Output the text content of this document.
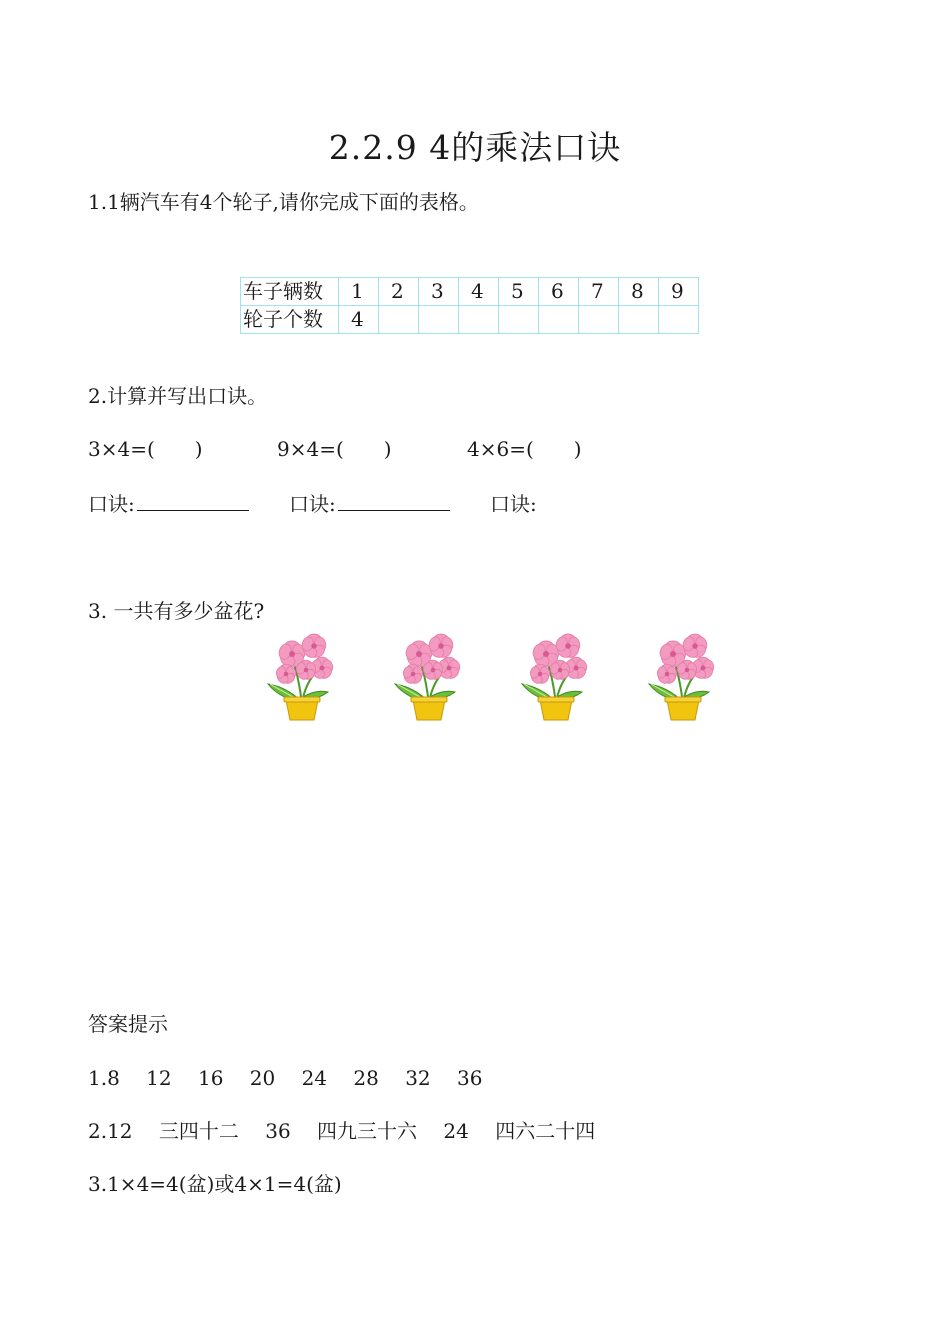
2.2.9 4的乘法口诀
1.1辆汽车有4个轮子,请你完成下面的表格。
车子辆数	1	2	3	4	5	6	7	8	9
轮子个数	4								
2.计算并写出口诀。
3×4=(　　)	9×4=(　　)	4×6=(　　)
口诀:	口诀:	口诀:
3. 一共有多少盆花?
答案提示
1.8　 12　 16　 20　 24　 28　 32　 36
2.12　 三四十二　 36　 四九三十六　 24　 四六二十四
3.1×4=4(盆)或4×1=4(盆)
